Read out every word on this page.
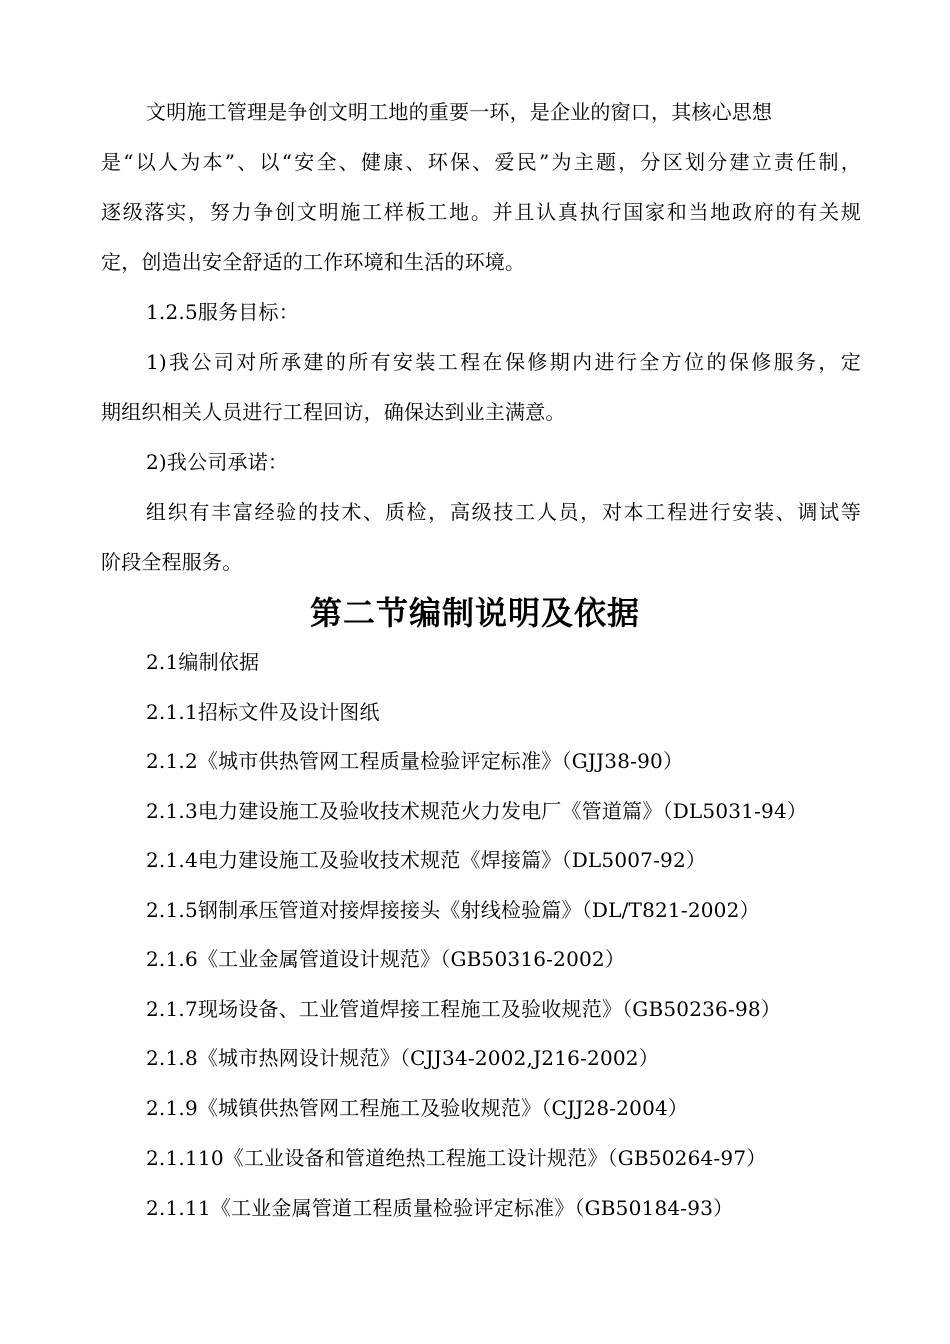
文明施工管理是争创文明工地的重要一环，是企业的窗口，其核心思想
是“以人为本”、以“安全、健康、环保、爱民”为主题，分区划分建立责任制，
逐级落实，努力争创文明施工样板工地。并且认真执行国家和当地政府的有关规
定，创造出安全舒适的工作环境和生活的环境。
1.2.5服务目标：
1)我公司对所承建的所有安装工程在保修期内进行全方位的保修服务，定
期组织相关人员进行工程回访，确保达到业主满意。
2)我公司承诺：
组织有丰富经验的技术、质检，高级技工人员，对本工程进行安装、调试等
阶段全程服务。
第二节编制说明及依据
2.1编制依据
2.1.1招标文件及设计图纸
2.1.2《城市供热管网工程质量检验评定标准》（GJJ38-90）
2.1.3电力建设施工及验收技术规范火力发电厂《管道篇》（DL5031-94）
2.1.4电力建设施工及验收技术规范《焊接篇》（DL5007-92）
2.1.5钢制承压管道对接焊接接头《射线检验篇》（DL/T821-2002）
2.1.6《工业金属管道设计规范》（GB50316-2002）
2.1.7现场设备、工业管道焊接工程施工及验收规范》（GB50236-98）
2.1.8《城市热网设计规范》（CJJ34-2002,J216-2002）
2.1.9《城镇供热管网工程施工及验收规范》（CJJ28-2004）
2.1.110《工业设备和管道绝热工程施工设计规范》（GB50264-97）
2.1.11《工业金属管道工程质量检验评定标准》（GB50184-93）
